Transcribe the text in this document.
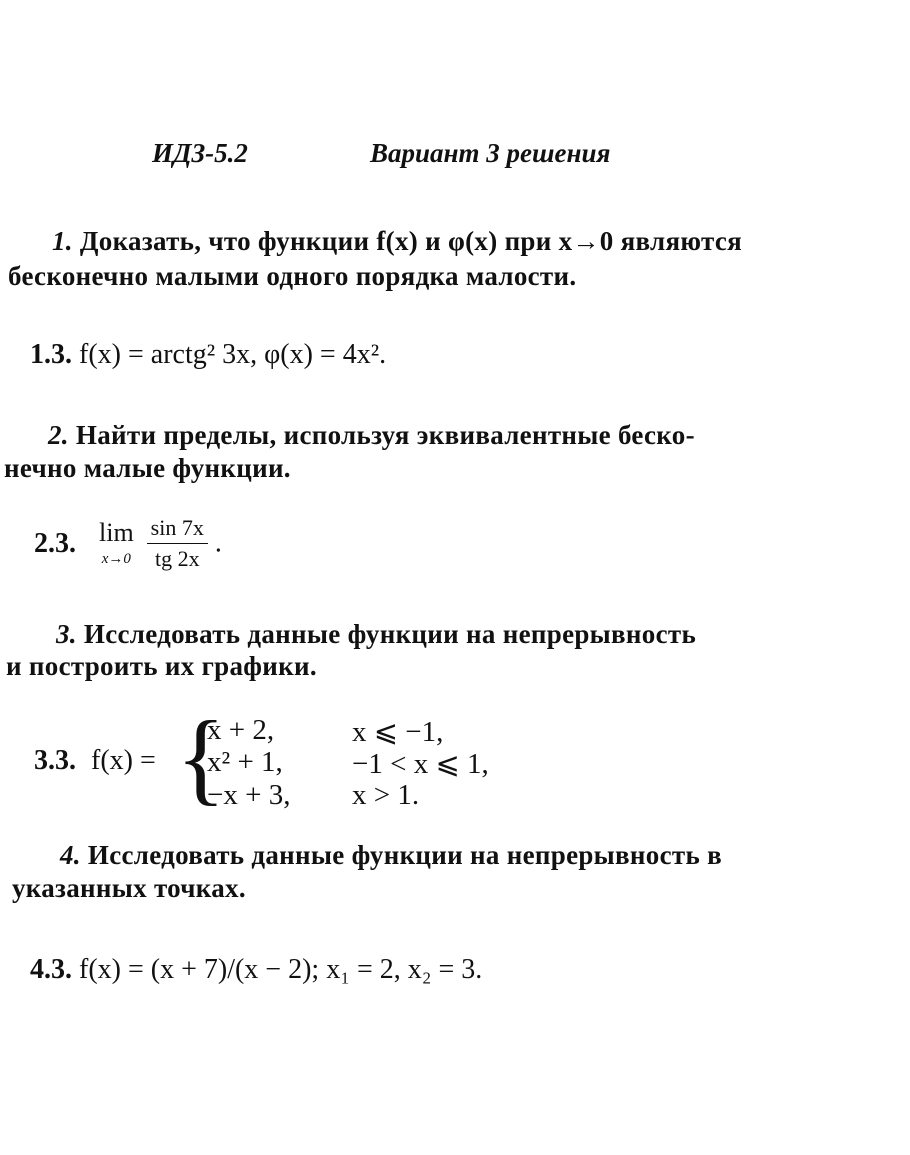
ИДЗ-5.2	Вариант 3 решения
1. Доказать, что функции f(x) и φ(x) при x→0 являются
бесконечно малыми одного порядка малости.
1.3. f(x) = arctg² 3x, φ(x) = 4x².
2. Найти пределы, используя эквивалентные беско-
нечно малые функции.
2.3. lim
x→0
$\frac{\sin 7x}{tg 2x}$ .
3. Исследовать данные функции на непрерывность
и построить их графики.
3.3. f(x) = {
x + 2,	x ⩽ −1,
x² + 1, −1 < x ⩽ 1,
−x + 3, x > 1.
4. Исследовать данные функции на непрерывность в
указанных точках.
4.3. f(x) = (x + 7)/(x − 2); x₁ = 2, x₂ = 3.
